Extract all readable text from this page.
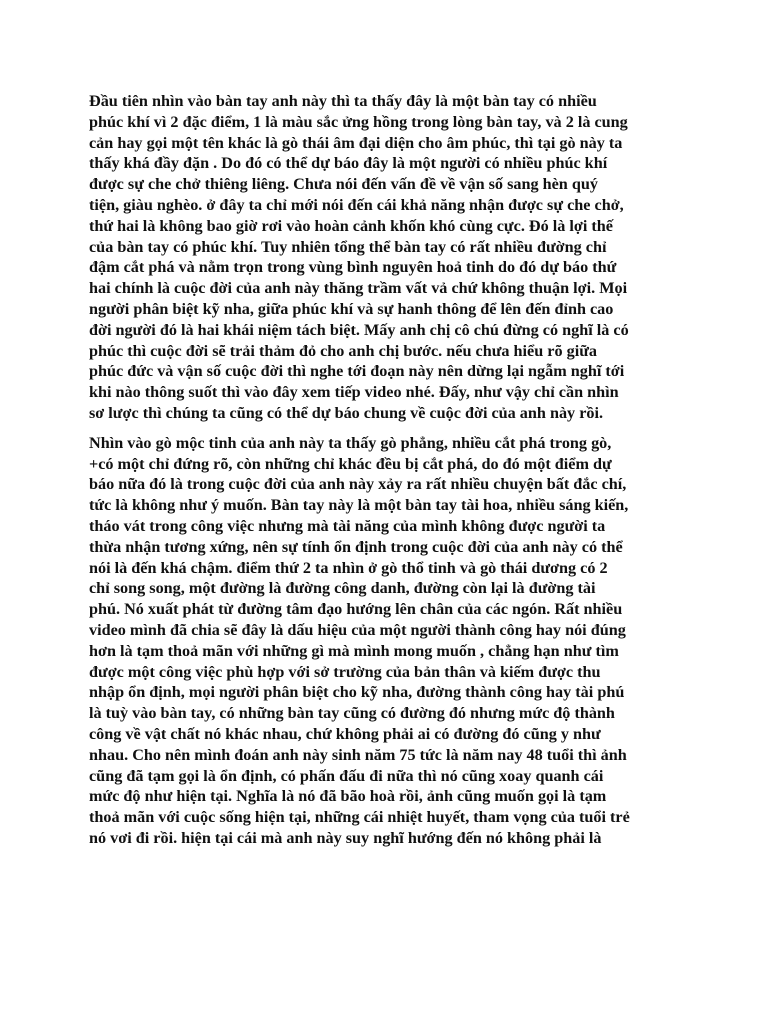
Đầu tiên nhìn vào bàn tay anh này thì ta thấy đây là một bàn tay có nhiều
phúc khí vì 2 đặc điểm, 1 là màu sắc ửng hồng trong lòng bàn tay, và 2 là cung
cản hay gọi một tên khác là gò thái âm đại diện cho âm phúc, thì tại gò này ta
thấy khá đầy đặn . Do đó có thể dự báo đây là một người có nhiều phúc khí
được sự che chở thiêng liêng. Chưa nói đến vấn đề về vận số sang hèn quý
tiện, giàu nghèo. ở đây ta chỉ mới nói đến cái khả năng nhận được sự che chở,
thứ hai là không bao giờ rơi vào hoàn cảnh khốn khó cùng cực. Đó là lợi thế
của bàn tay có phúc khí. Tuy nhiên tổng thể bàn tay có rất nhiều đường chỉ
đậm cắt phá và nằm trọn trong vùng bình nguyên hoả tinh do đó dự báo thứ
hai chính là cuộc đời của anh này thăng trầm vất vả chứ không thuận lợi. Mọi
người phân biệt kỹ nha, giữa phúc khí và sự hanh thông để lên đến đỉnh cao
đời người đó là hai khái niệm tách biệt. Mấy anh chị cô chú đừng có nghĩ là có
phúc thì cuộc đời sẽ trải thảm đỏ cho anh chị bước. nếu chưa hiểu rõ giữa
phúc đức và vận số cuộc đời thì nghe tới đoạn này nên dừng lại ngẫm nghĩ tới
khi nào thông suốt thì vào đây xem tiếp video nhé. Đấy, như vậy chỉ cần nhìn
sơ lược thì chúng ta cũng có thể dự báo chung về cuộc đời của anh này rồi.
Nhìn vào gò mộc tinh của anh này ta thấy gò phẳng, nhiều cắt phá trong gò,
+có một chỉ đứng rõ, còn những chỉ khác đều bị cắt phá, do đó một điểm dự
báo nữa đó là trong cuộc đời của anh này xảy ra rất nhiều chuyện bất đắc chí,
tức là không như ý muốn. Bàn tay này là một bàn tay tài hoa, nhiều sáng kiến,
tháo vát trong công việc nhưng mà tài năng của mình không được người ta
thừa nhận tương xứng, nên sự tính ổn định trong cuộc đời của anh này có thể
nói là đến khá chậm. điểm thứ 2 ta nhìn ở gò thổ tinh và gò thái dương có 2
chỉ song song, một đường là đường công danh, đường còn lại là đường tài
phú. Nó xuất phát từ đường tâm đạo hướng lên chân của các ngón. Rất nhiều
video mình đã chia sẽ đây là dấu hiệu của một người thành công hay nói đúng
hơn là tạm thoả mãn với những gì mà mình mong muốn , chẳng hạn như tìm
được một công việc phù hợp với sở trường của bản thân và kiếm được thu
nhập ổn định, mọi người phân biệt cho kỹ nha, đường thành công hay tài phú
là tuỳ vào bàn tay, có những bàn tay cũng có đường đó nhưng mức độ thành
công về vật chất nó khác nhau, chứ không phải ai có đường đó cũng y như
nhau. Cho nên mình đoán anh này sinh năm 75 tức là năm nay 48 tuổi thì ảnh
cũng đã tạm gọi là ổn định, có phấn đấu đi nữa thì nó cũng xoay quanh cái
mức độ như hiện tại. Nghĩa là nó đã bão hoà rồi, ảnh cũng muốn gọi là tạm
thoả mãn với cuộc sống hiện tại, những cái nhiệt huyết, tham vọng của tuổi trẻ
nó vơi đi rồi. hiện tại cái mà anh này suy nghĩ hướng đến nó không phải là
